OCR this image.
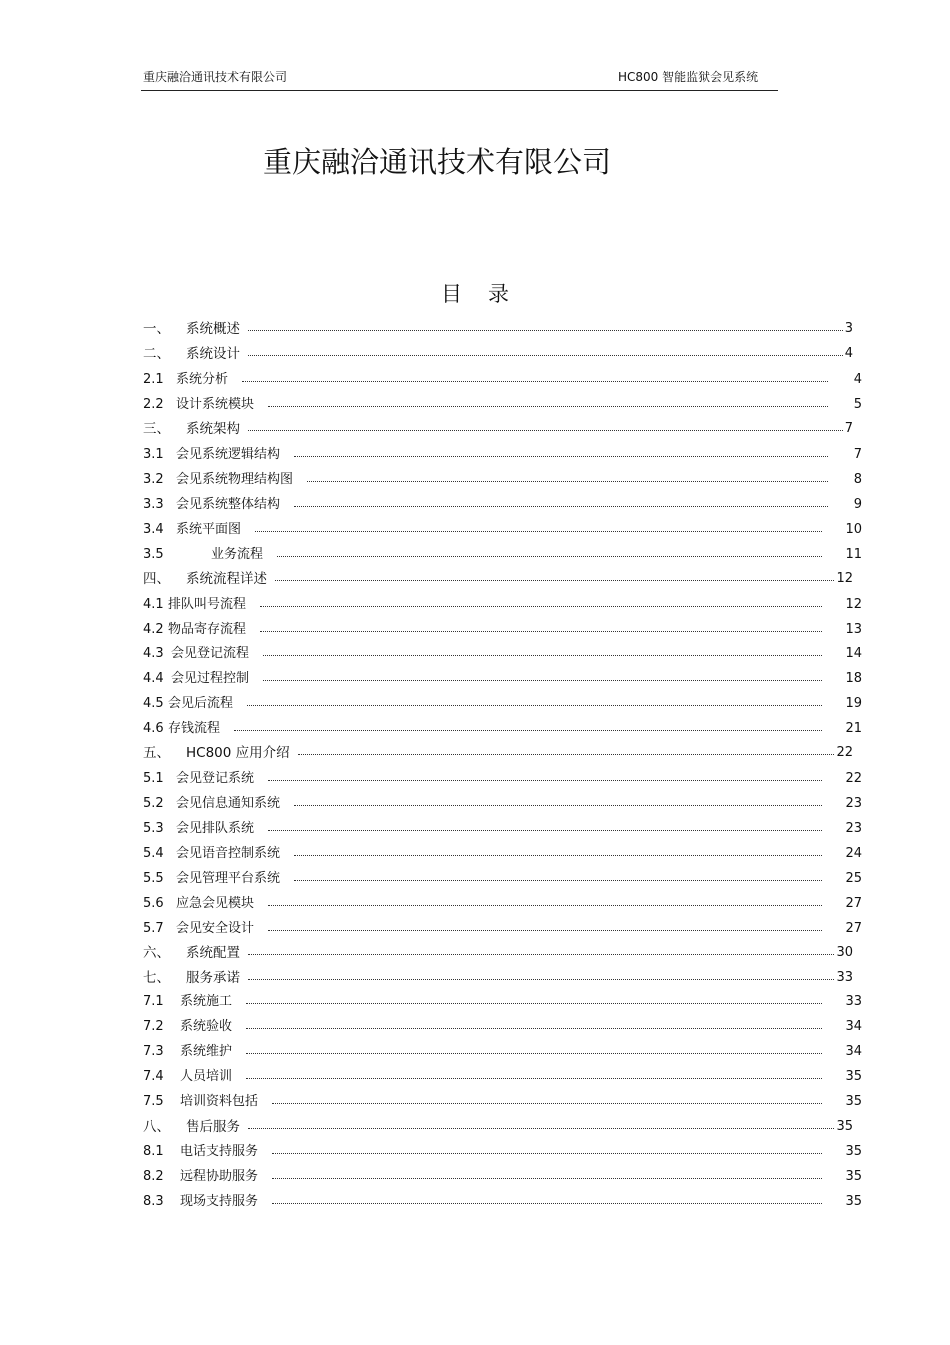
重庆融洽通讯技术有限公司	HC800 智能监狱会见系统
重庆融洽通讯技术有限公司
目录
一、 系统概述	3
二、 系统设计	4
2.1 系统分析	4
2.2 设计系统模块	5
三、 系统架构	7
3.1 会见系统逻辑结构	7
3.2 会见系统物理结构图	8
3.3 会见系统整体结构	9
3.4 系统平面图	10
3.5	业务流程	11
四、 系统流程详述	12
4.1 排队叫号流程	12
4.2 物品寄存流程	13
4.3 会见登记流程	14
4.4 会见过程控制	18
4.5 会见后流程	19
4.6 存钱流程	21
五、 HC800 应用介绍	22
5.1 会见登记系统	22
5.2 会见信息通知系统	23
5.3 会见排队系统	23
5.4 会见语音控制系统	24
5.5 会见管理平台系统	25
5.6 应急会见模块	27
5.7 会见安全设计	27
六、 系统配置	30
七、 服务承诺	33
7.1 系统施工	33
7.2 系统验收	34
7.3 系统维护	34
7.4 人员培训	35
7.5 培训资料包括	35
八、 售后服务	35
8.1 电话支持服务	35
8.2 远程协助服务	35
8.3 现场支持服务	35
